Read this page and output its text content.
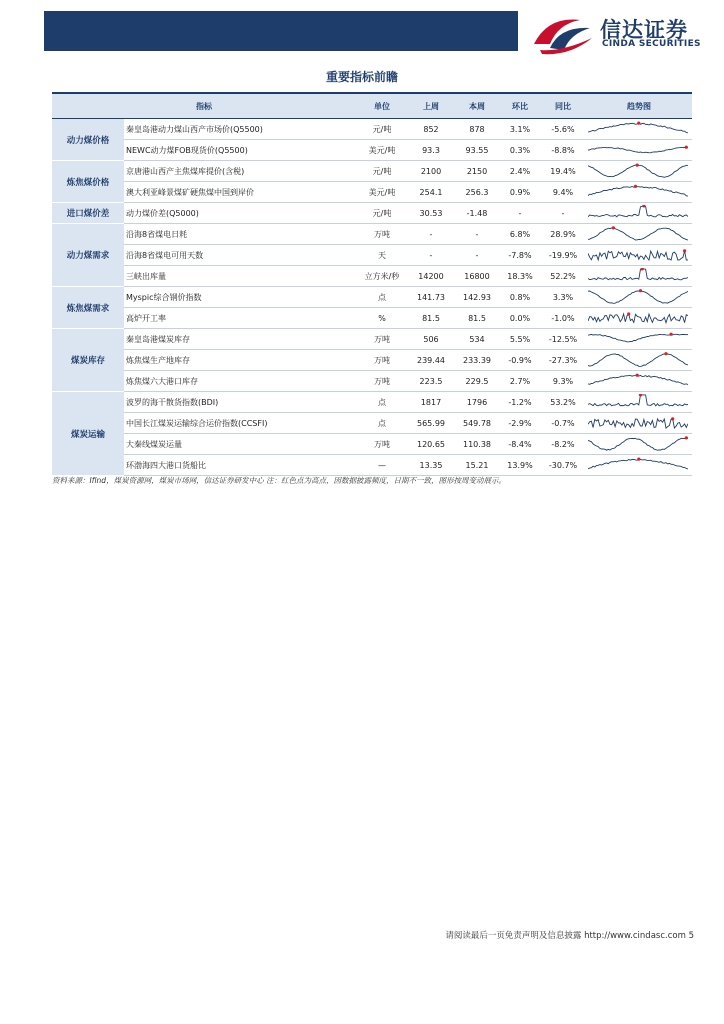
信达证券
CINDA SECURITIES
重要指标前瞻
指标		单位	上周	本周	环比	同比	趋势图
动力煤价格	秦皇岛港动力煤山西产市场价(Q5500)	元/吨	852	878	3.1%	-5.6%	

	NEWC动力煤FOB现货价(Q5500)	美元/吨	93.3	93.55	0.3%	-8.8%	

炼焦煤价格	京唐港山西产主焦煤库提价(含税)	元/吨	2100	2150	2.4%	19.4%	

	澳大利亚峰景煤矿硬焦煤中国到岸价	美元/吨	254.1	256.3	0.9%	9.4%	

进口煤价差	动力煤价差(Q5000)	元/吨	30.53	-1.48	-	-	

动力煤需求	沿海8省煤电日耗	万吨	-	-	6.8%	28.9%	

	沿海8省煤电可用天数	天	-	-	-7.8%	-19.9%	

	三峡出库量	立方米/秒	14200	16800	18.3%	52.2%	

炼焦煤需求	Myspic综合钢价指数	点	141.73	142.93	0.8%	3.3%	

	高炉开工率	%	81.5	81.5	0.0%	-1.0%	

煤炭库存	秦皇岛港煤炭库存	万吨	506	534	5.5%	-12.5%	

	炼焦煤生产地库存	万吨	239.44	233.39	-0.9%	-27.3%	

	炼焦煤六大港口库存	万吨	223.5	229.5	2.7%	9.3%	

煤炭运输	波罗的海干散货指数(BDI)	点	1817	1796	-1.2%	53.2%	

	中国长江煤炭运输综合运价指数(CCSFI)	点	565.99	549.78	-2.9%	-0.7%	

	大秦线煤炭运量	万吨	120.65	110.38	-8.4%	-8.2%	

	环渤海四大港口货船比	—	13.35	15.21	13.9%	-30.7%	
资料来源：Ifind，煤炭资源网，煤炭市场网，信达证券研发中心 注：红色点为高点，因数据披露频度，日期不一致，图形按周变动展示。
请阅读最后一页免责声明及信息披露 http://www.cindasc.com 5
